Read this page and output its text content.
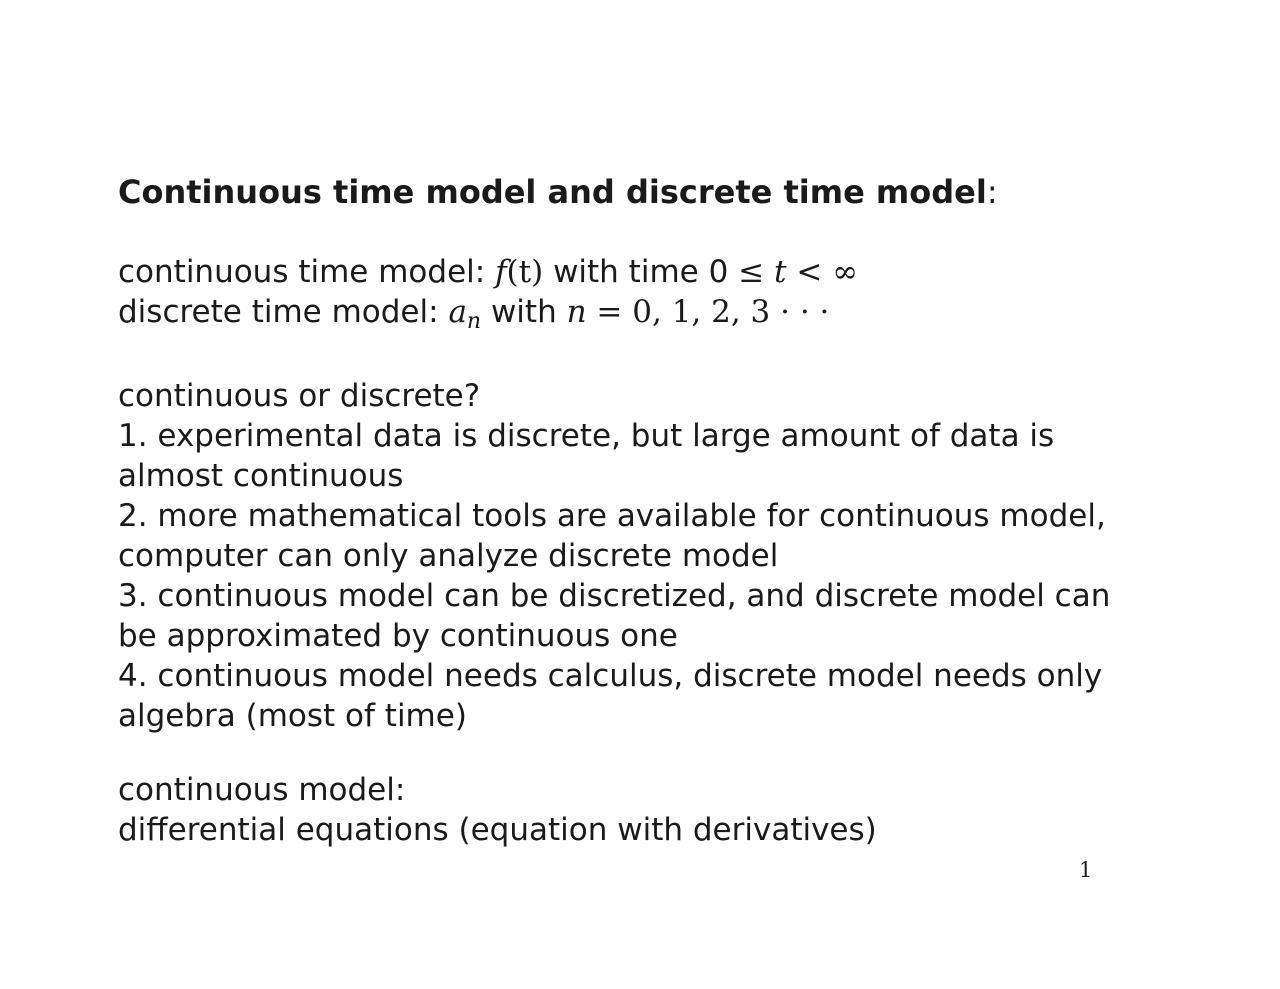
Continuous time model and discrete time model:
continuous time model: f(t) with time 0 ≤ t < ∞
discrete time model: $a_n$ with n = 0, 1, 2, 3 · · ·
continuous or discrete?
1. experimental data is discrete, but large amount of data is
almost continuous
2. more mathematical tools are available for continuous model,
computer can only analyze discrete model
3. continuous model can be discretized, and discrete model can
be approximated by continuous one
4. continuous model needs calculus, discrete model needs only
algebra (most of time)
continuous model:
differential equations (equation with derivatives)
1
